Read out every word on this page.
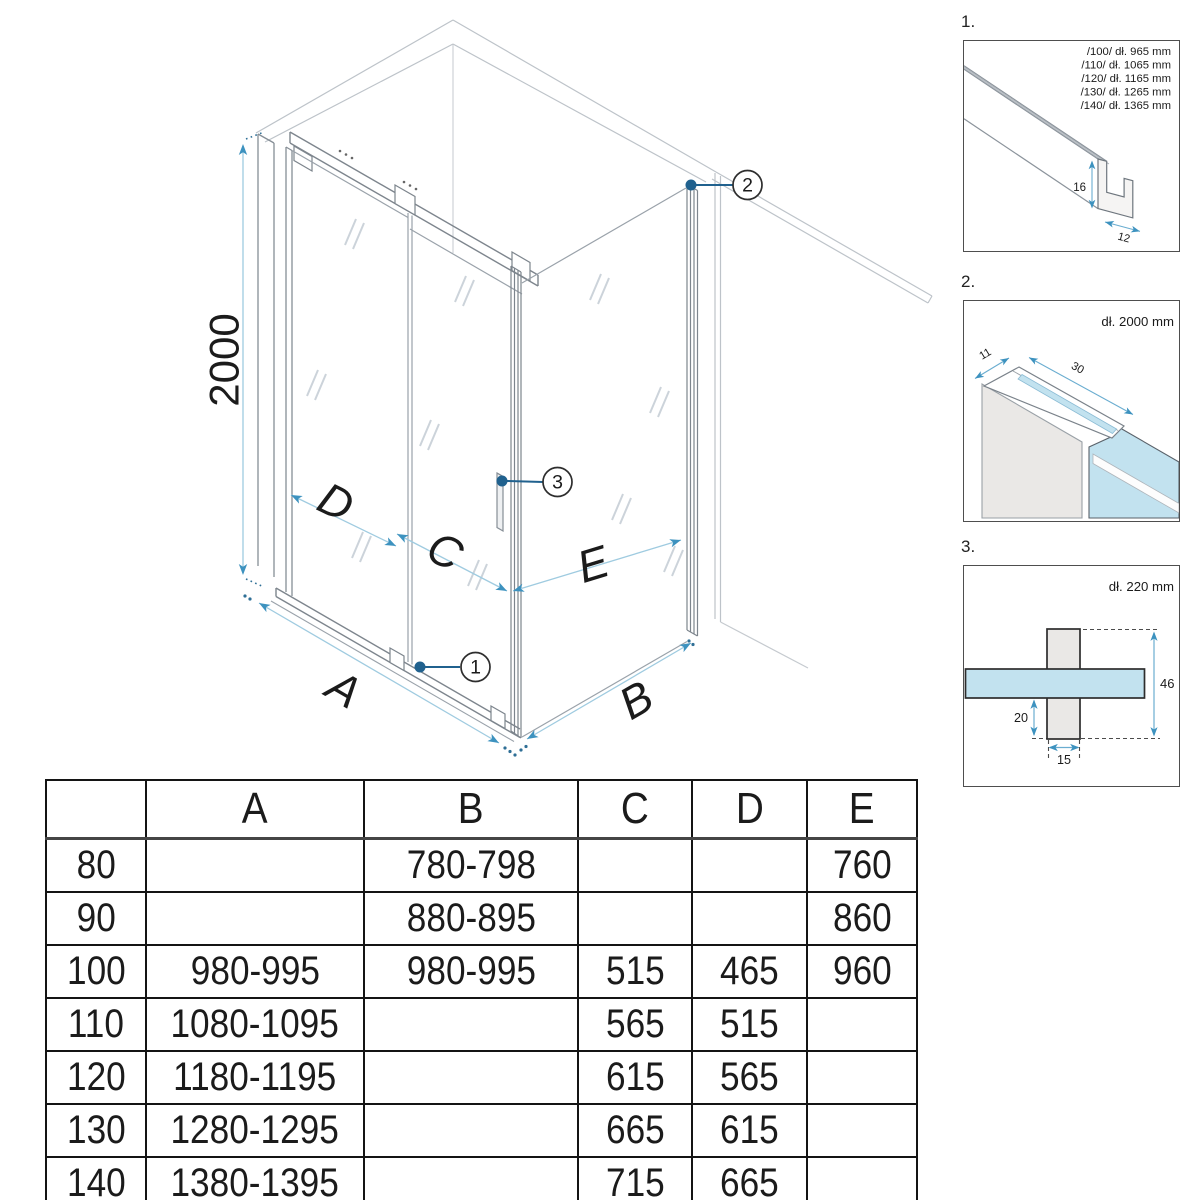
2000
D
C
A
E
B
1
2
3
1.
/100/ dł. 965 mm
/110/ dł. 1065 mm
/120/ dł. 1165 mm
/130/ dł. 1265 mm
/140/ dł. 1365 mm
16
12
2.
dł. 2000 mm
11
30
3.
dł. 220 mm
46
20
15
	A	B	C	D	E
80		780-798			760
90		880-895			860
100	980-995	980-995	515	465	960
110	1080-1095		565	515	
120	1180-1195		615	565	
130	1280-1295		665	615	
140	1380-1395		715	665	
